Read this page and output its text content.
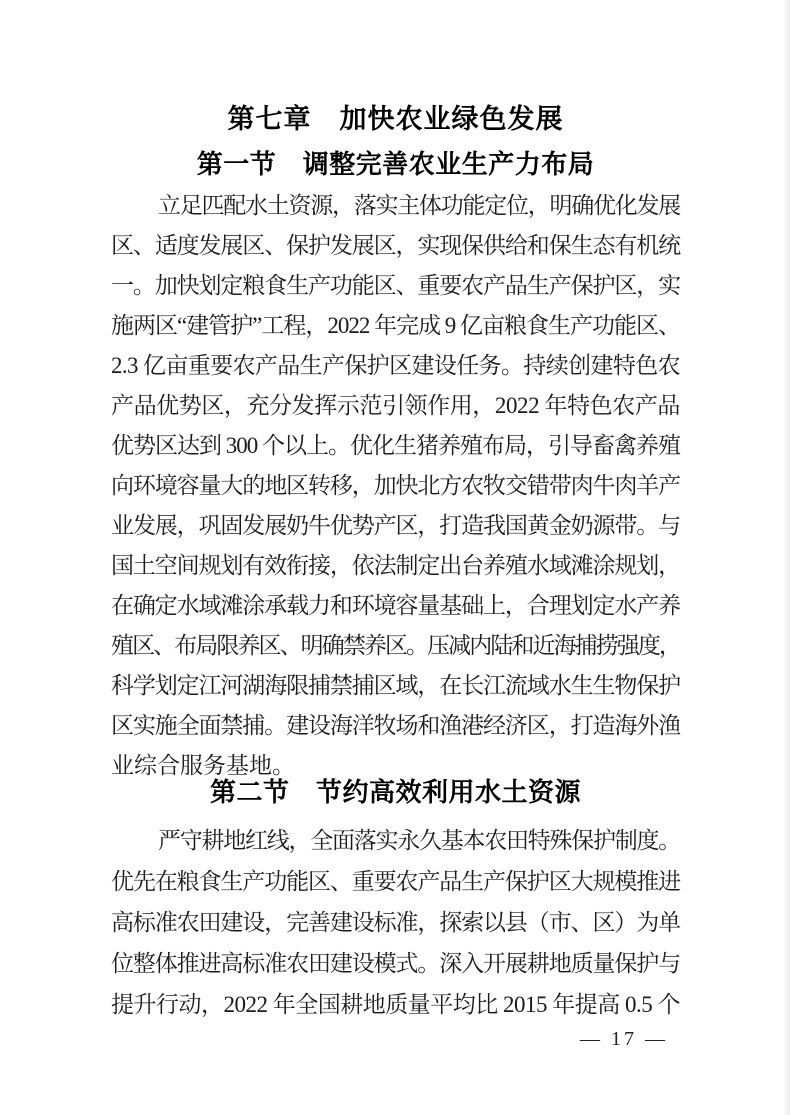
第七章　加快农业绿色发展
第一节　调整完善农业生产力布局
立足匹配水土资源，落实主体功能定位，明确优化发展
区、适度发展区、保护发展区，实现保供给和保生态有机统
一。加快划定粮食生产功能区、重要农产品生产保护区，实
施两区“建管护”工程，2022 年完成 9 亿亩粮食生产功能区、
2.3 亿亩重要农产品生产保护区建设任务。持续创建特色农
产品优势区，充分发挥示范引领作用，2022 年特色农产品
优势区达到 300 个以上。优化生猪养殖布局，引导畜禽养殖
向环境容量大的地区转移，加快北方农牧交错带肉牛肉羊产
业发展，巩固发展奶牛优势产区，打造我国黄金奶源带。与
国土空间规划有效衔接，依法制定出台养殖水域滩涂规划，
在确定水域滩涂承载力和环境容量基础上，合理划定水产养
殖区、布局限养区、明确禁养区。压减内陆和近海捕捞强度，
科学划定江河湖海限捕禁捕区域，在长江流域水生生物保护
区实施全面禁捕。建设海洋牧场和渔港经济区，打造海外渔
业综合服务基地。
第二节　节约高效利用水土资源
严守耕地红线，全面落实永久基本农田特殊保护制度。
优先在粮食生产功能区、重要农产品生产保护区大规模推进
高标准农田建设，完善建设标准，探索以县（市、区）为单
位整体推进高标准农田建设模式。深入开展耕地质量保护与
提升行动，2022 年全国耕地质量平均比 2015 年提高 0.5 个
— 17 —
